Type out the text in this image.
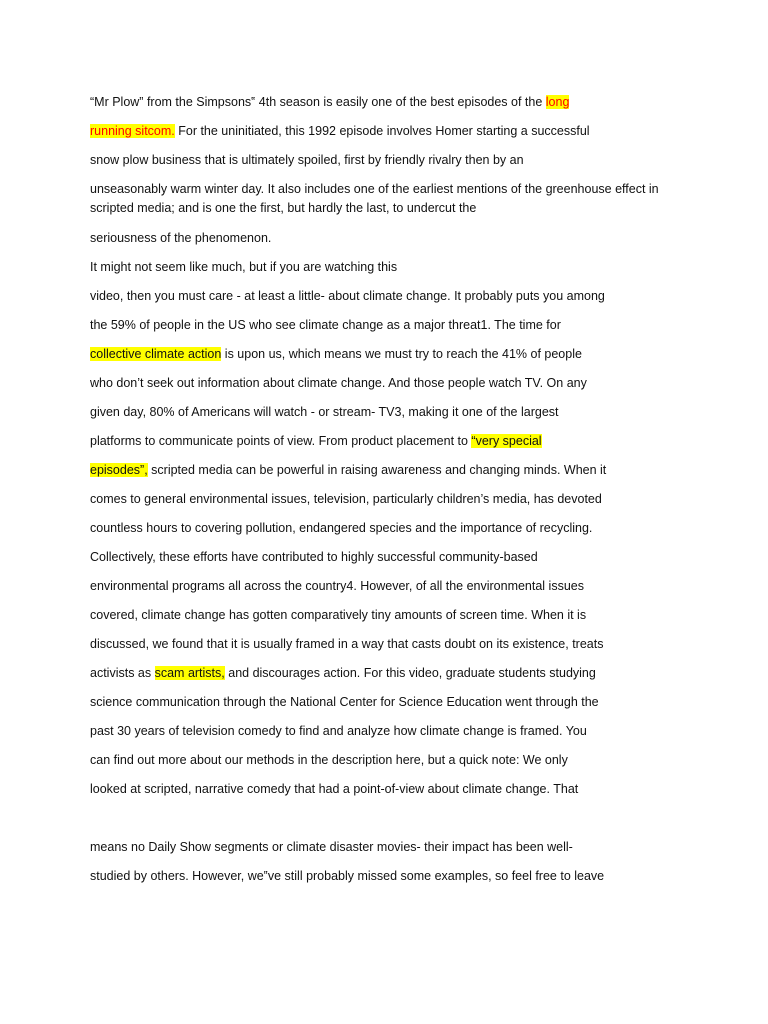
“Mr Plow” from the Simpsons‟ 4th season is easily one of the best episodes of the long
running sitcom. For the uninitiated, this 1992 episode involves Homer starting a successful
snow plow business that is ultimately spoiled, first by friendly rivalry then by an
unseasonably warm winter day. It also includes one of the earliest mentions of the greenhouse effect in
scripted media; and is one the first, but hardly the last, to undercut the
seriousness of the phenomenon.
It might not seem like much, but if you are watching this
video, then you must care - at least a little- about climate change. It probably puts you among
the 59% of people in the US who see climate change as a major threat1. The time for
collective climate action is upon us, which means we must try to reach the 41% of people
who don’t seek out information about climate change. And those people watch TV. On any
given day, 80% of Americans will watch - or stream- TV3, making it one of the largest
platforms to communicate points of view. From product placement to “very special
episodes”, scripted media can be powerful in raising awareness and changing minds. When it
comes to general environmental issues, television, particularly children’s media, has devoted
countless hours to covering pollution, endangered species and the importance of recycling.
Collectively, these efforts have contributed to highly successful community-based
environmental programs all across the country4. However, of all the environmental issues
covered, climate change has gotten comparatively tiny amounts of screen time. When it is
discussed, we found that it is usually framed in a way that casts doubt on its existence, treats
activists as scam artists, and discourages action. For this video, graduate students studying
science communication through the National Center for Science Education went through the
past 30 years of television comedy to find and analyze how climate change is framed. You
can find out more about our methods in the description here, but a quick note: We only
looked at scripted, narrative comedy that had a point-of-view about climate change. That
means no Daily Show segments or climate disaster movies- their impact has been well-
studied by others. However, we‟ve still probably missed some examples, so feel free to leave
